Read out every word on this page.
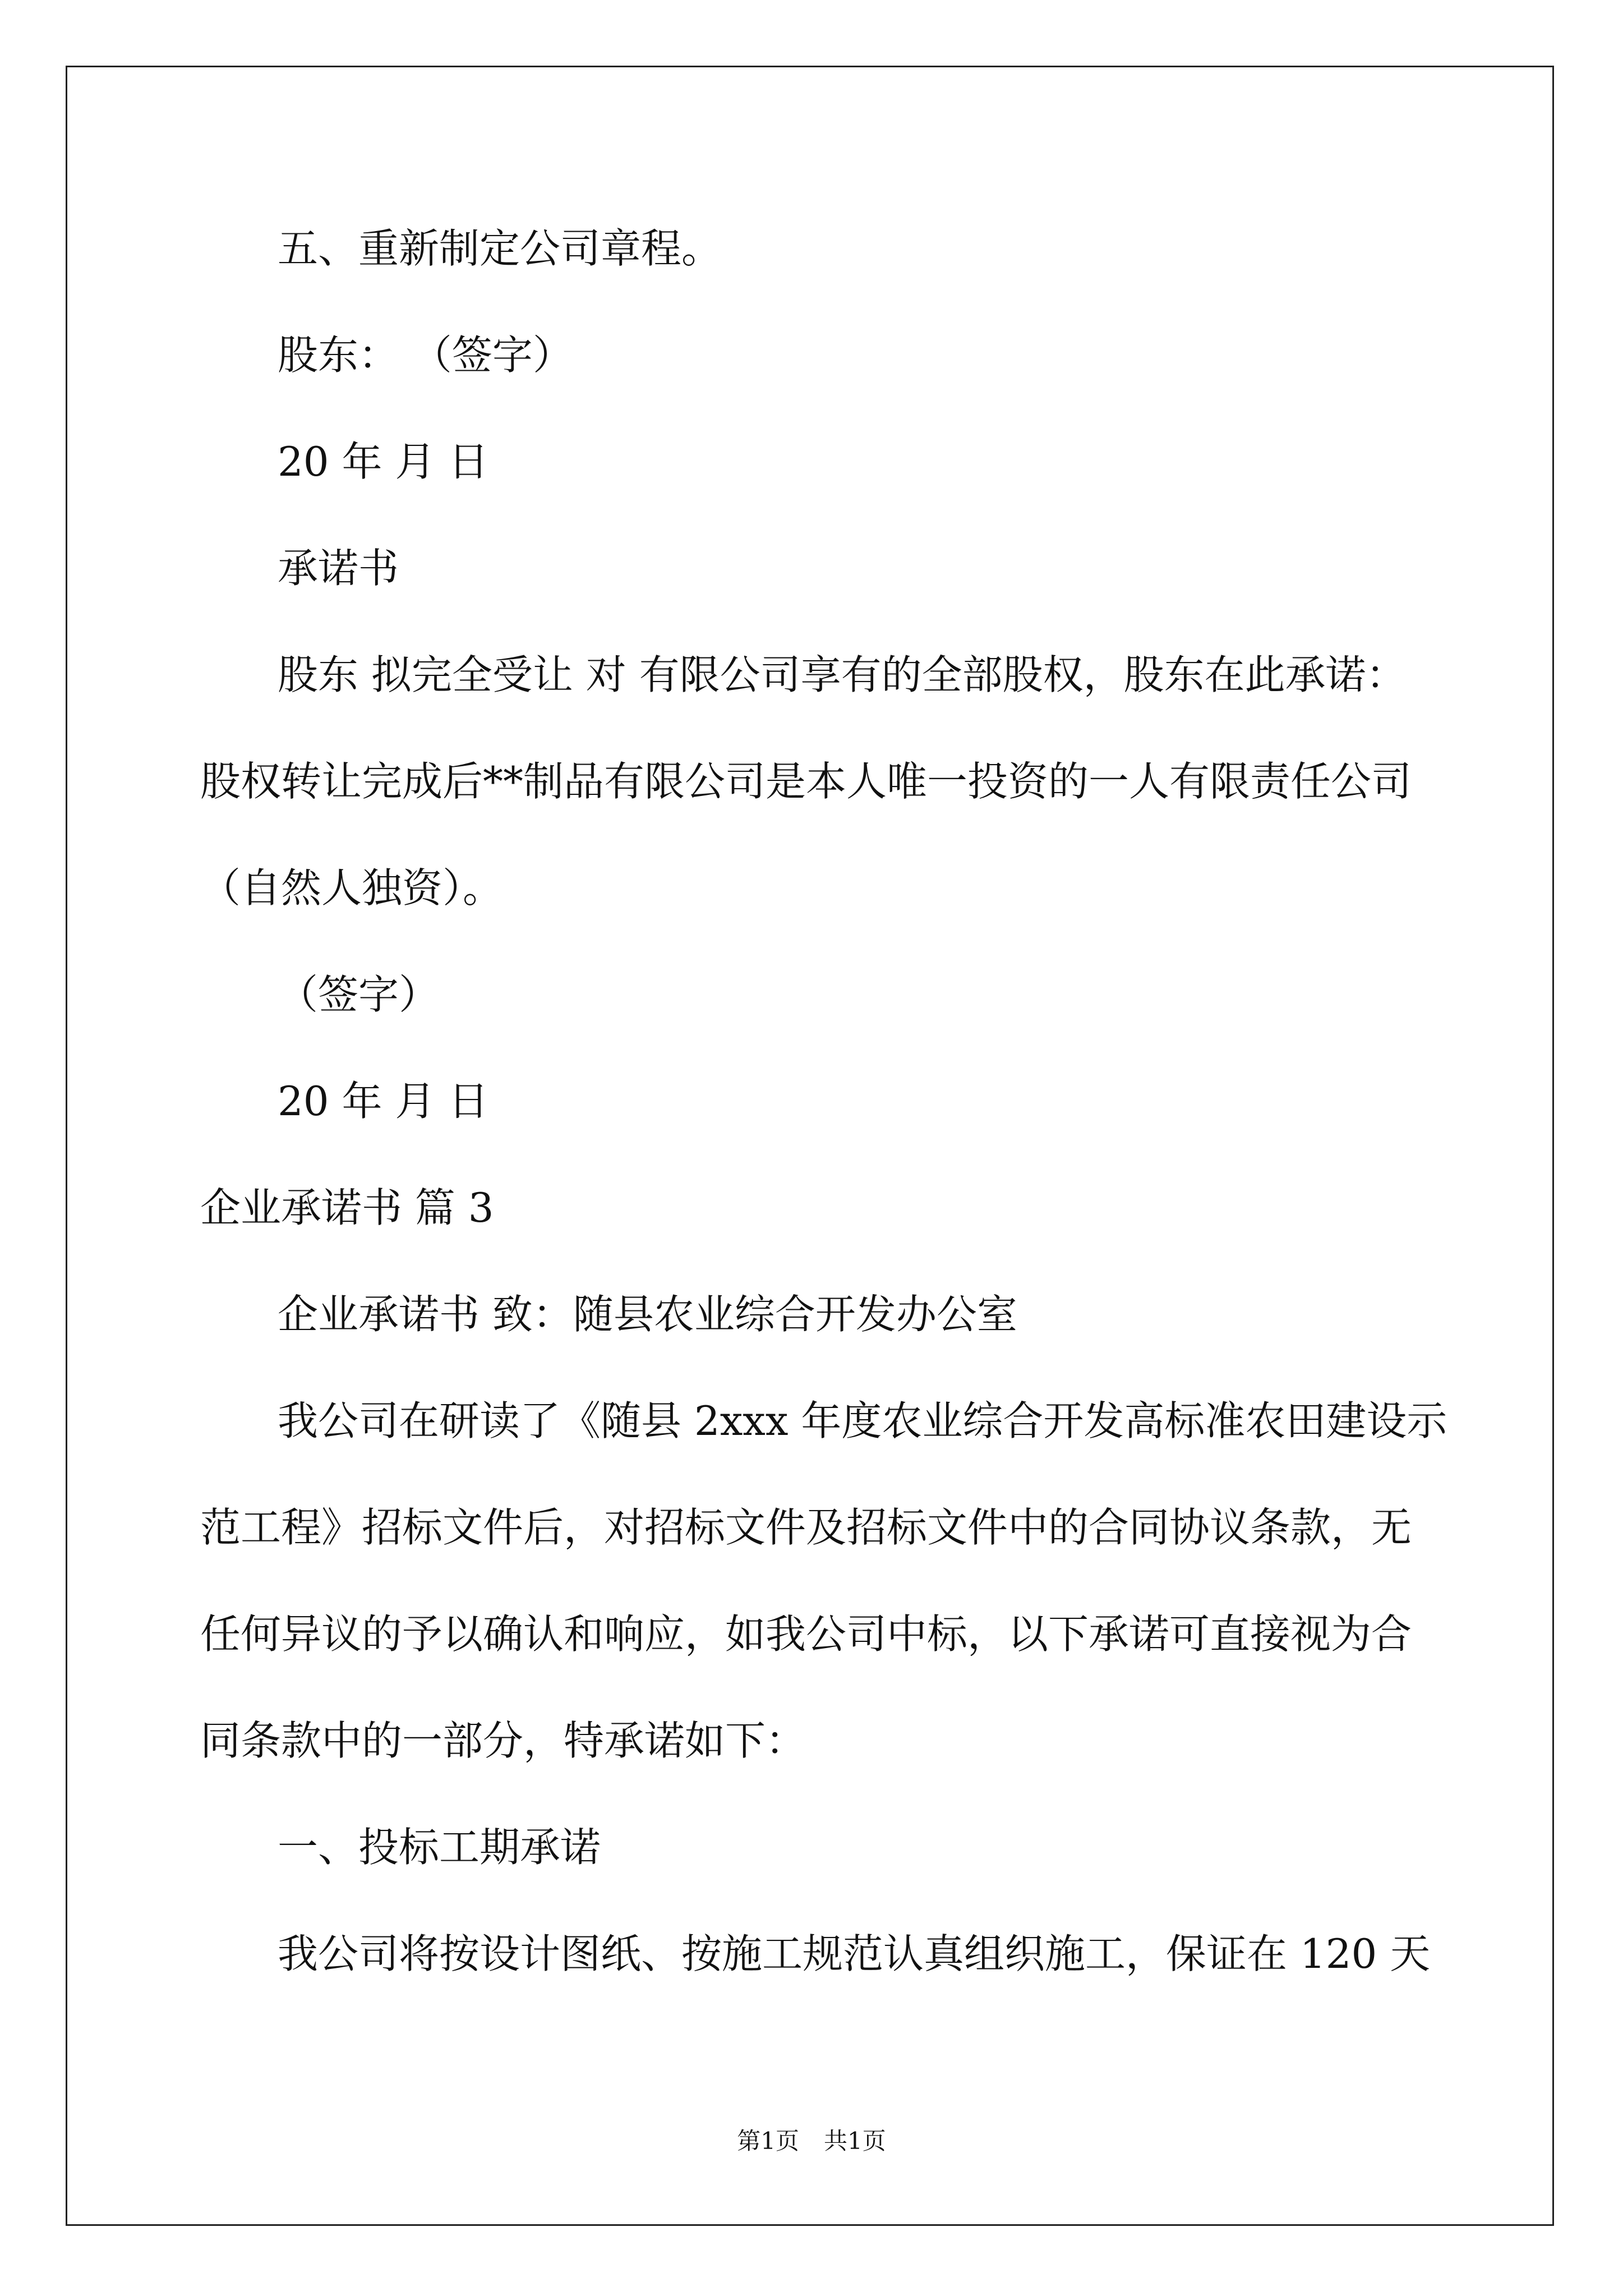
五、重新制定公司章程。
股东： （签字）
20 年 月 日
承诺书
股东 拟完全受让 对 有限公司享有的全部股权，股东在此承诺：
股权转让完成后**制品有限公司是本人唯一投资的一人有限责任公司
（自然人独资）。
（签字）
20 年 月 日
企业承诺书 篇 3
企业承诺书 致：随县农业综合开发办公室
我公司在研读了《随县 2xxx 年度农业综合开发高标准农田建设示
范工程》招标文件后，对招标文件及招标文件中的合同协议条款，无
任何异议的予以确认和响应，如我公司中标，以下承诺可直接视为合
同条款中的一部分，特承诺如下：
一、投标工期承诺
我公司将按设计图纸、按施工规范认真组织施工，保证在 120 天
第1页 共1页
